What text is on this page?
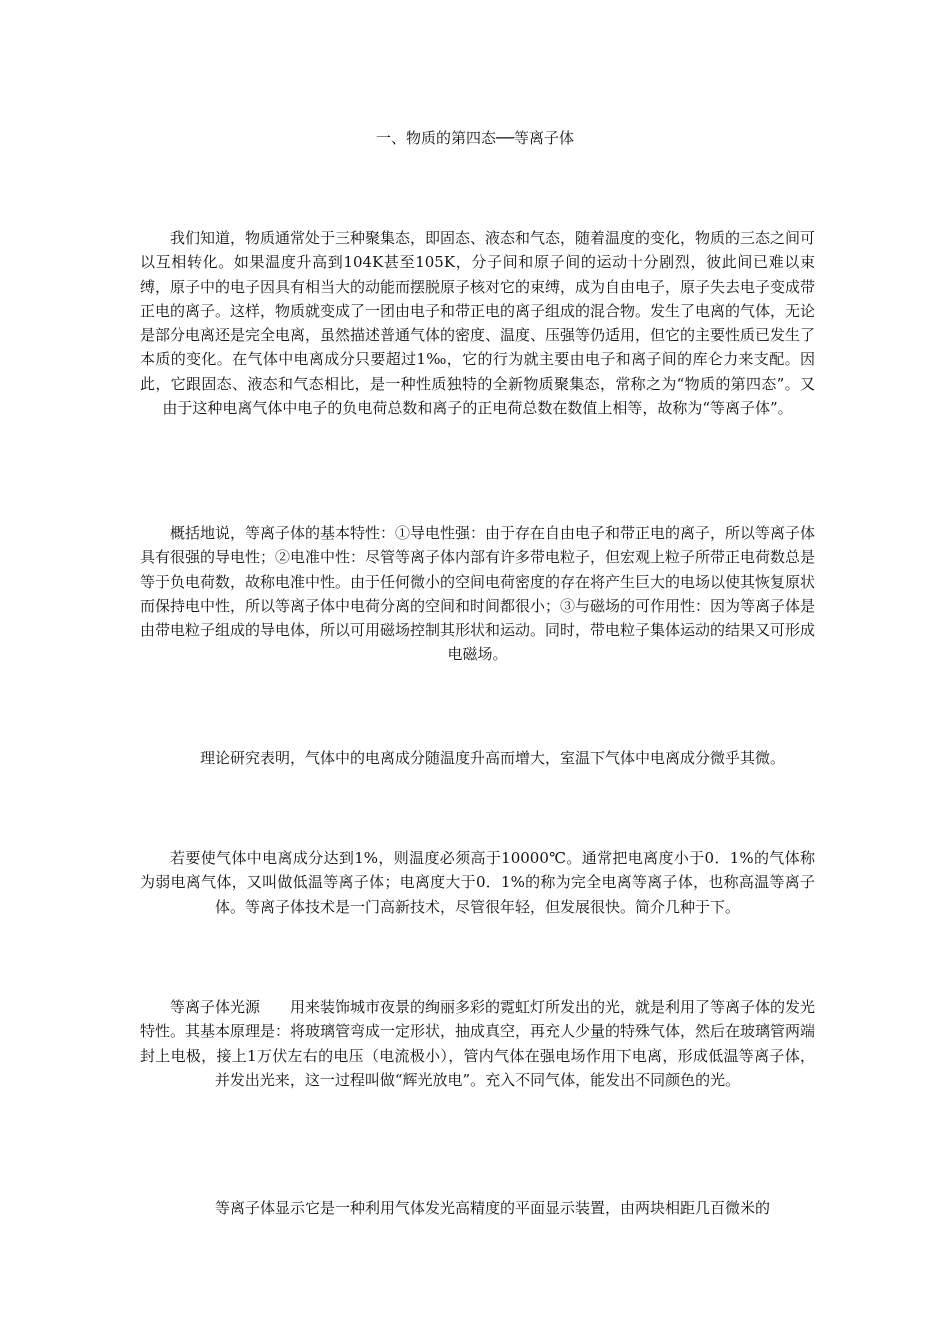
一、物质的第四态──等离子体

我们知道，物质通常处于三种聚集态，即固态、液态和气态，随着温度的变化，物质的三态之间可以互相转化。如果温度升高到104K甚至105K，分子间和原子间的运动十分剧烈，彼此间已难以束缚，原子中的电子因具有相当大的动能而摆脱原子核对它的束缚，成为自由电子，原子失去电子变成带正电的离子。这样，物质就变成了一团由电子和带正电的离子组成的混合物。发生了电离的气体，无论是部分电离还是完全电离，虽然描述普通气体的密度、温度、压强等仍适用，但它的主要性质已发生了本质的变化。在气体中电离成分只要超过1‰，它的行为就主要由电子和离子间的库仑力来支配。因此，它跟固态、液态和气态相比，是一种性质独特的全新物质聚集态，常称之为“物质的第四态”。又由于这种电离气体中电子的负电荷总数和离子的正电荷总数在数值上相等，故称为“等离子体”。

概括地说，等离子体的基本特性：①导电性强：由于存在自由电子和带正电的离子，所以等离子体具有很强的导电性；②电准中性：尽管等离子体内部有许多带电粒子，但宏观上粒子所带正电荷数总是等于负电荷数，故称电准中性。由于任何微小的空间电荷密度的存在将产生巨大的电场以使其恢复原状而保持电中性，所以等离子体中电荷分离的空间和时间都很小；③与磁场的可作用性：因为等离子体是由带电粒子组成的导电体，所以可用磁场控制其形状和运动。同时，带电粒子集体运动的结果又可形成电磁场。

理论研究表明，气体中的电离成分随温度升高而增大，室温下气体中电离成分微乎其微。

若要使气体中电离成分达到1%，则温度必须高于10000℃。通常把电离度小于0．1%的气体称为弱电离气体，又叫做低温等离子体；电离度大于0．1%的称为完全电离等离子体，也称高温等离子体。等离子体技术是一门高新技术，尽管很年轻，但发展很快。简介几种于下。

等离子体光源　　用来装饰城市夜景的绚丽多彩的霓虹灯所发出的光，就是利用了等离子体的发光特性。其基本原理是：将玻璃管弯成一定形状，抽成真空，再充人少量的特殊气体，然后在玻璃管两端封上电极，接上1万伏左右的电压（电流极小），管内气体在强电场作用下电离，形成低温等离子体，并发出光来，这一过程叫做“辉光放电”。充入不同气体，能发出不同颜色的光。

等离子体显示它是一种利用气体发光高精度的平面显示装置，由两块相距几百微米的
